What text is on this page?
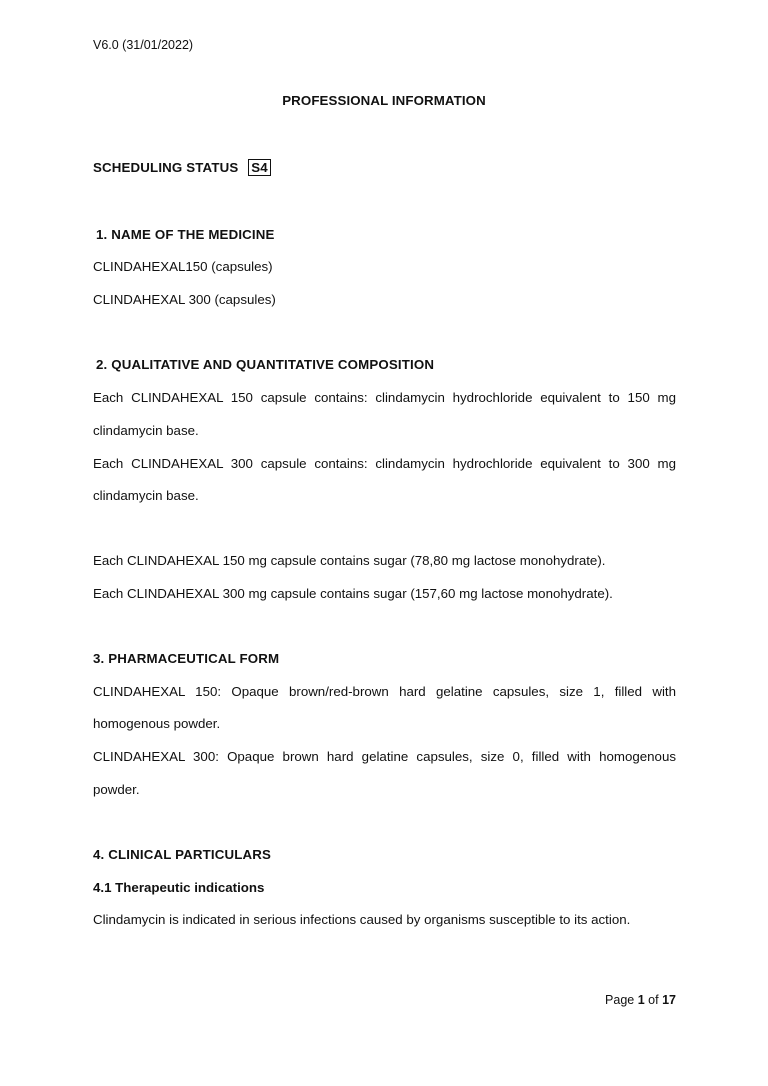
V6.0 (31/01/2022)
PROFESSIONAL INFORMATION
SCHEDULING STATUS S4
1. NAME OF THE MEDICINE
CLINDAHEXAL150 (capsules)
CLINDAHEXAL 300 (capsules)
2. QUALITATIVE AND QUANTITATIVE COMPOSITION
Each CLINDAHEXAL 150 capsule contains: clindamycin hydrochloride equivalent to 150 mg
clindamycin base.
Each CLINDAHEXAL 300 capsule contains: clindamycin hydrochloride equivalent to 300 mg
clindamycin base.
Each CLINDAHEXAL 150 mg capsule contains sugar (78,80 mg lactose monohydrate).
Each CLINDAHEXAL 300 mg capsule contains sugar (157,60 mg lactose monohydrate).
3. PHARMACEUTICAL FORM
CLINDAHEXAL 150: Opaque brown/red-brown hard gelatine capsules, size 1, filled with
homogenous powder.
CLINDAHEXAL 300: Opaque brown hard gelatine capsules, size 0, filled with homogenous
powder.
4. CLINICAL PARTICULARS
4.1 Therapeutic indications
Clindamycin is indicated in serious infections caused by organisms susceptible to its action.
Page 1 of 17
